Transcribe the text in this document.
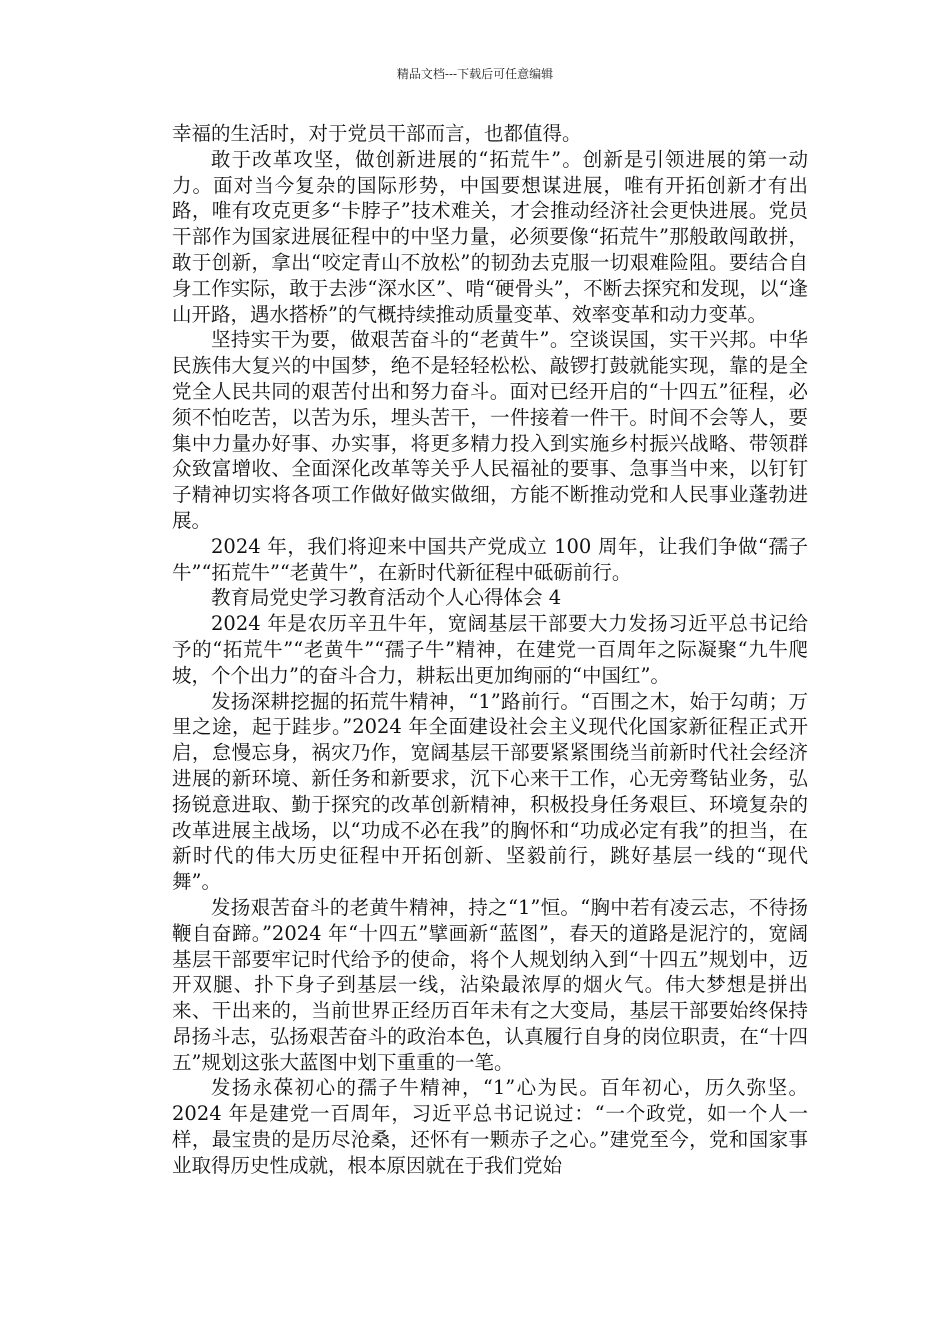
精品文档---下载后可任意编辑

幸福的生活时，对于党员干部而言，也都值得。

敢于改革攻坚，做创新进展的“拓荒牛”。创新是引领进展的第一动力。面对当今复杂的国际形势，中国要想谋进展，唯有开拓创新才有出路，唯有攻克更多“卡脖子”技术难关，才会推动经济社会更快进展。党员干部作为国家进展征程中的中坚力量，必须要像“拓荒牛”那般敢闯敢拼，敢于创新，拿出“咬定青山不放松”的韧劲去克服一切艰难险阻。要结合自身工作实际，敢于去涉“深水区”、啃“硬骨头”，不断去探究和发现，以“逢山开路，遇水搭桥”的气概持续推动质量变革、效率变革和动力变革。

坚持实干为要，做艰苦奋斗的“老黄牛”。空谈误国，实干兴邦。中华民族伟大复兴的中国梦，绝不是轻轻松松、敲锣打鼓就能实现，靠的是全党全人民共同的艰苦付出和努力奋斗。面对已经开启的“十四五”征程，必须不怕吃苦，以苦为乐，埋头苦干，一件接着一件干。时间不会等人，要集中力量办好事、办实事，将更多精力投入到实施乡村振兴战略、带领群众致富增收、全面深化改革等关乎人民福祉的要事、急事当中来，以钉钉子精神切实将各项工作做好做实做细，方能不断推动党和人民事业蓬勃进展。

2024 年，我们将迎来中国共产党成立 100 周年，让我们争做“孺子牛”“拓荒牛”“老黄牛”，在新时代新征程中砥砺前行。

教育局党史学习教育活动个人心得体会 4

2024 年是农历辛丑牛年，宽阔基层干部要大力发扬习近平总书记给予的“拓荒牛”“老黄牛”“孺子牛”精神，在建党一百周年之际凝聚“九牛爬坡，个个出力”的奋斗合力，耕耘出更加绚丽的“中国红”。

发扬深耕挖掘的拓荒牛精神，“1”路前行。“百围之木，始于勾萌；万里之途，起于跬步。”2024 年全面建设社会主义现代化国家新征程正式开启，怠慢忘身，祸灾乃作，宽阔基层干部要紧紧围绕当前新时代社会经济进展的新环境、新任务和新要求，沉下心来干工作，心无旁骛钻业务，弘扬锐意进取、勤于探究的改革创新精神，积极投身任务艰巨、环境复杂的改革进展主战场，以“功成不必在我”的胸怀和“功成必定有我”的担当，在新时代的伟大历史征程中开拓创新、坚毅前行，跳好基层一线的“现代舞”。

发扬艰苦奋斗的老黄牛精神，持之“1”恒。“胸中若有凌云志，不待扬鞭自奋蹄。”2024 年“十四五”擘画新“蓝图”，春天的道路是泥泞的，宽阔基层干部要牢记时代给予的使命，将个人规划纳入到“十四五”规划中，迈开双腿、扑下身子到基层一线，沾染最浓厚的烟火气。伟大梦想是拼出来、干出来的，当前世界正经历百年未有之大变局，基层干部要始终保持昂扬斗志，弘扬艰苦奋斗的政治本色，认真履行自身的岗位职责，在“十四五”规划这张大蓝图中划下重重的一笔。

发扬永葆初心的孺子牛精神，“1”心为民。百年初心，历久弥坚。2024 年是建党一百周年，习近平总书记说过：“一个政党，如一个人一样，最宝贵的是历尽沧桑，还怀有一颗赤子之心。”建党至今，党和国家事业取得历史性成就，根本原因就在于我们党始
